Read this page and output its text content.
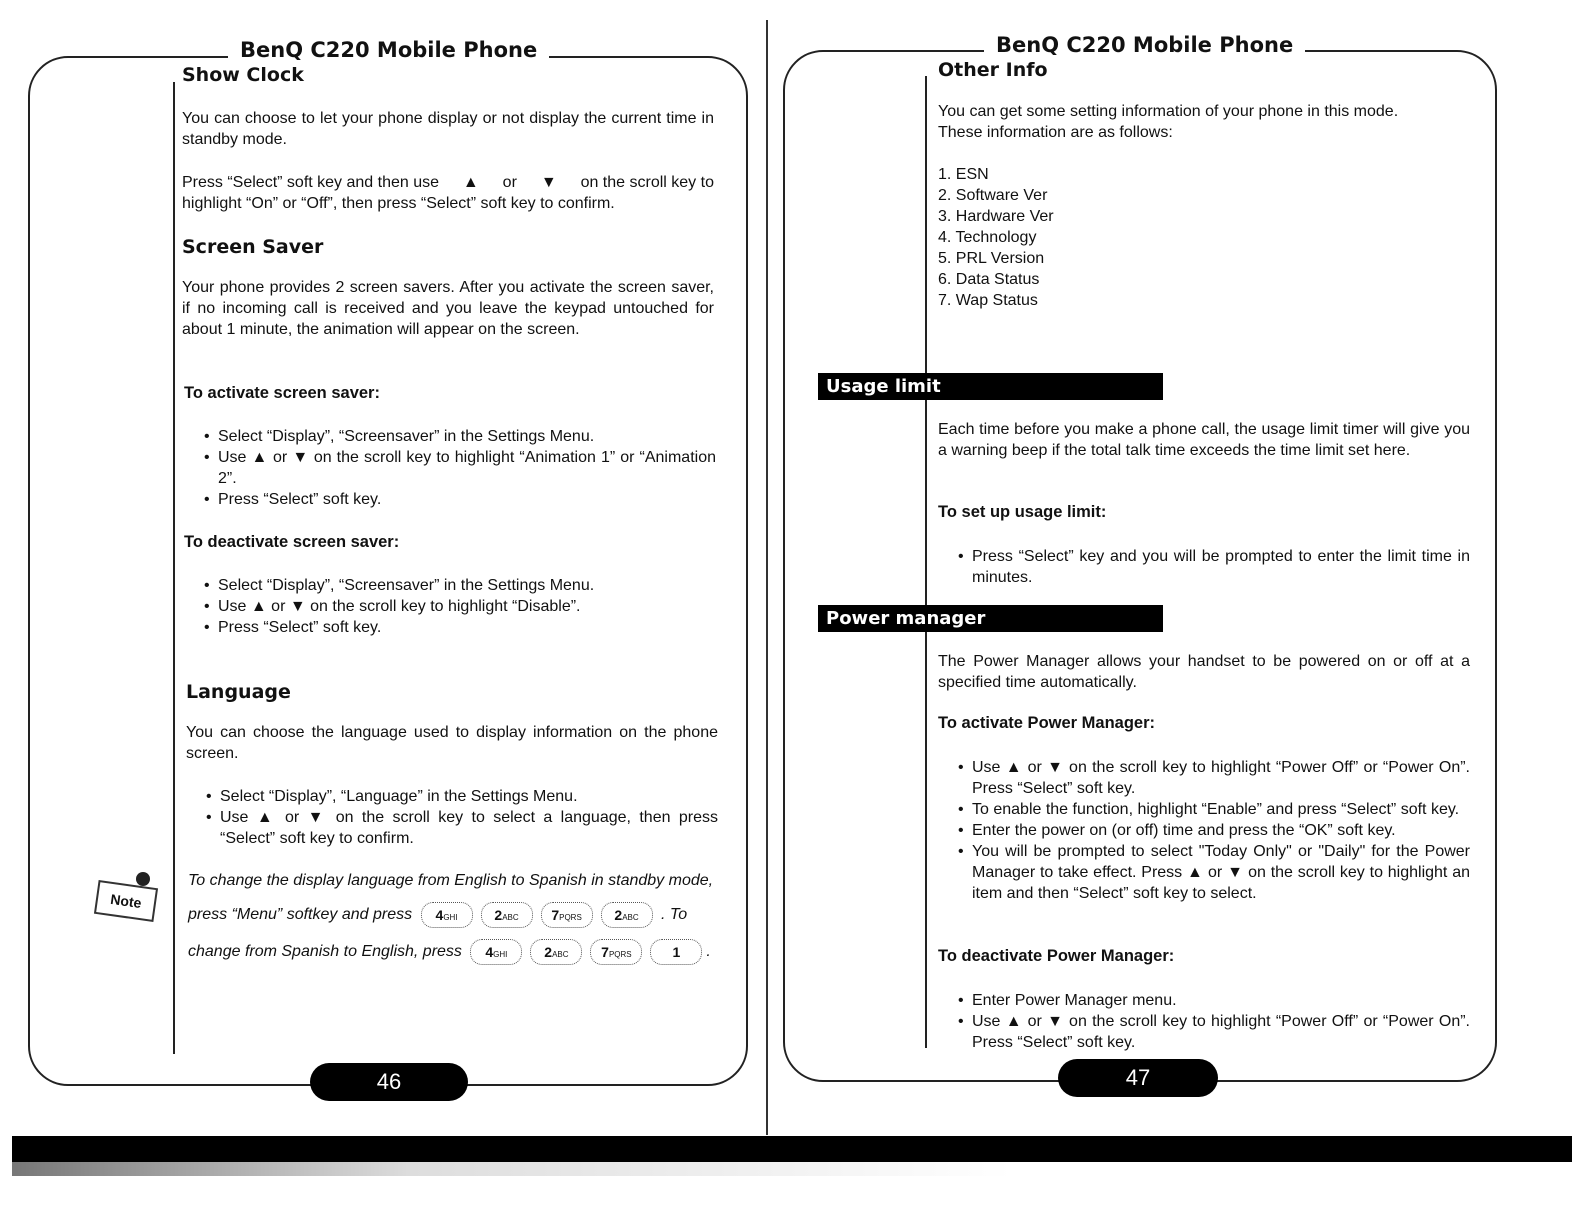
BenQ C220 Mobile Phone
Show Clock
You can choose to let your phone display or not display the current time in standby mode.
Press “Select” soft key and then use ▲ or ▼ on the scroll key to
highlight “On” or “Off”, then press “Select” soft key to confirm.
Screen Saver
Your phone provides 2 screen savers. After you activate the screen saver, if no incoming call is received and you leave the keypad untouched for about 1 minute, the animation will appear on the screen.
To activate screen saver:
• Select “Display”, “Screensaver” in the Settings Menu.
• Use ▲ or ▼ on the scroll key to highlight “Animation 1” or “Animation 2”.
• Press “Select” soft key.
To deactivate screen saver:
• Select “Display”, “Screensaver” in the Settings Menu.
• Use ▲ or ▼ on the scroll key to highlight “Disable”.
• Press “Select” soft key.
Language
You can choose the language used to display information on the phone screen.
• Select “Display”, “Language” in the Settings Menu.
• Use ▲ or ▼ on the scroll key to select a language, then press “Select” soft key to confirm.
Note
To change the display language from English to Spanish in standby mode,
press “Menu” softkey and press 4GHI	2ABC 7PQRS 2ABC . To
change from Spanish to English, press 4GHI	2ABC 7PQRS	1 .
46
BenQ C220 Mobile Phone
Other Info
You can get some setting information of your phone in this mode.
These information are as follows:
1. ESN
2. Software Ver
3. Hardware Ver
4. Technology
5. PRL Version
6. Data Status
7. Wap Status
Usage limit
Each time before you make a phone call, the usage limit timer will give you a warning beep if the total talk time exceeds the time limit set here.
To set up usage limit:
• Press “Select” key and you will be prompted to enter the limit time in minutes.
Power manager
The Power Manager allows your handset to be powered on or off at a specified time automatically.
To activate Power Manager:
• Use ▲ or ▼ on the scroll key to highlight “Power Off” or “Power On”. Press “Select” soft key.
• To enable the function, highlight “Enable” and press “Select” soft key.
• Enter the power on (or off) time and press the “OK” soft key.
• You will be prompted to select "Today Only" or "Daily" for the Power Manager to take effect. Press ▲ or ▼ on the scroll key to highlight an item and then “Select” soft key to select.
To deactivate Power Manager:
• Enter Power Manager menu.
• Use ▲ or ▼ on the scroll key to highlight “Power Off” or “Power On”. Press “Select” soft key.
47
